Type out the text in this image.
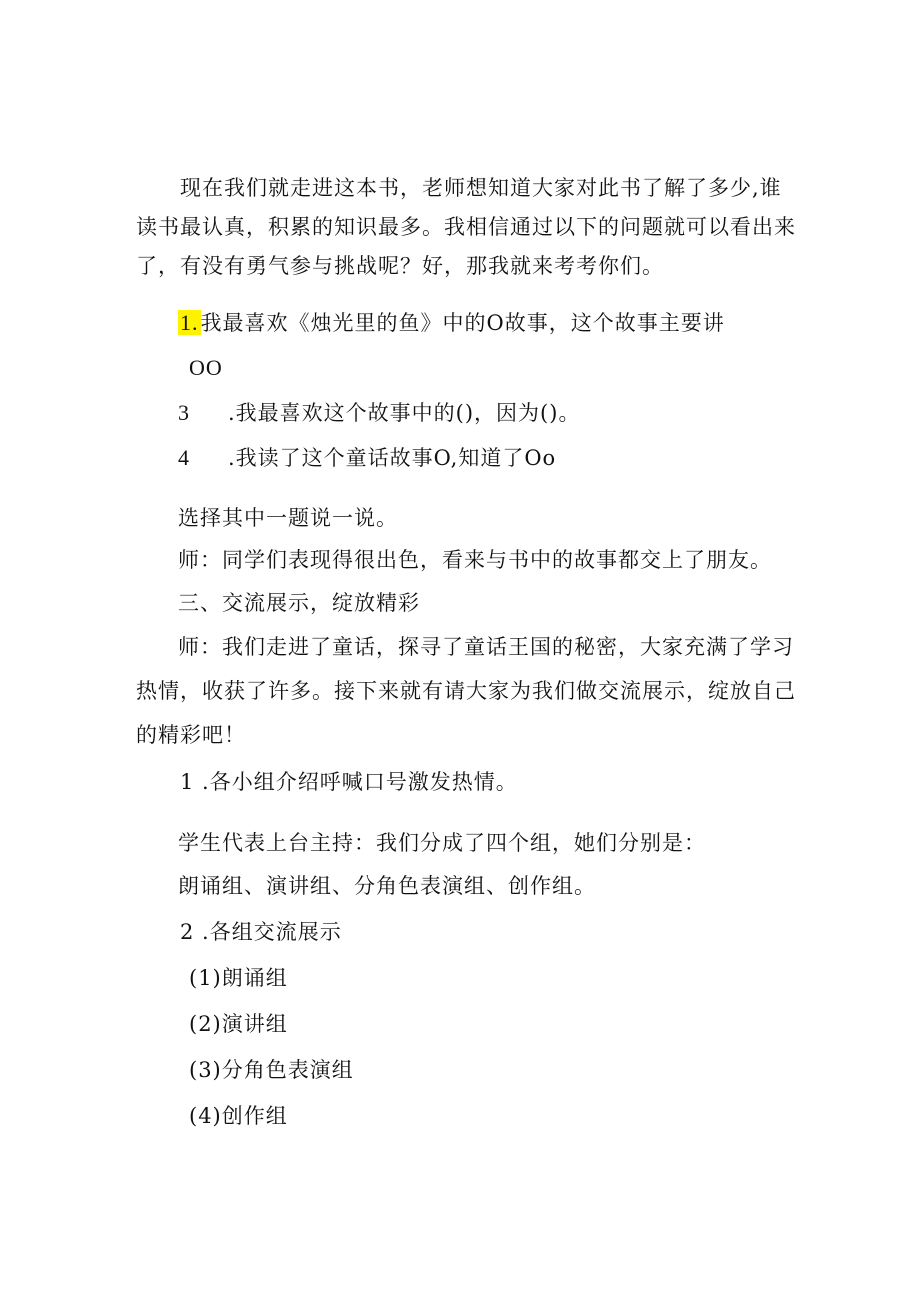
现在我们就走进这本书，老师想知道大家对此书了解了多少,谁
读书最认真，积累的知识最多。我相信通过以下的问题就可以看出来
了，有没有勇气参与挑战呢？好，那我就来考考你们。
1.我最喜欢《烛光里的鱼》中的O故事，这个故事主要讲
OO
3 .我最喜欢这个故事中的()，因为()。
4 .我读了这个童话故事O,知道了Oo
选择其中一题说一说。
师：同学们表现得很出色，看来与书中的故事都交上了朋友。
三、交流展示，绽放精彩
师：我们走进了童话，探寻了童话王国的秘密，大家充满了学习
热情，收获了许多。接下来就有请大家为我们做交流展示，绽放自己
的精彩吧！
1 .各小组介绍呼喊口号激发热情。
学生代表上台主持：我们分成了四个组，她们分别是：
朗诵组、演讲组、分角色表演组、创作组。
2 .各组交流展示
(1)朗诵组
(2)演讲组
(3)分角色表演组
(4)创作组
